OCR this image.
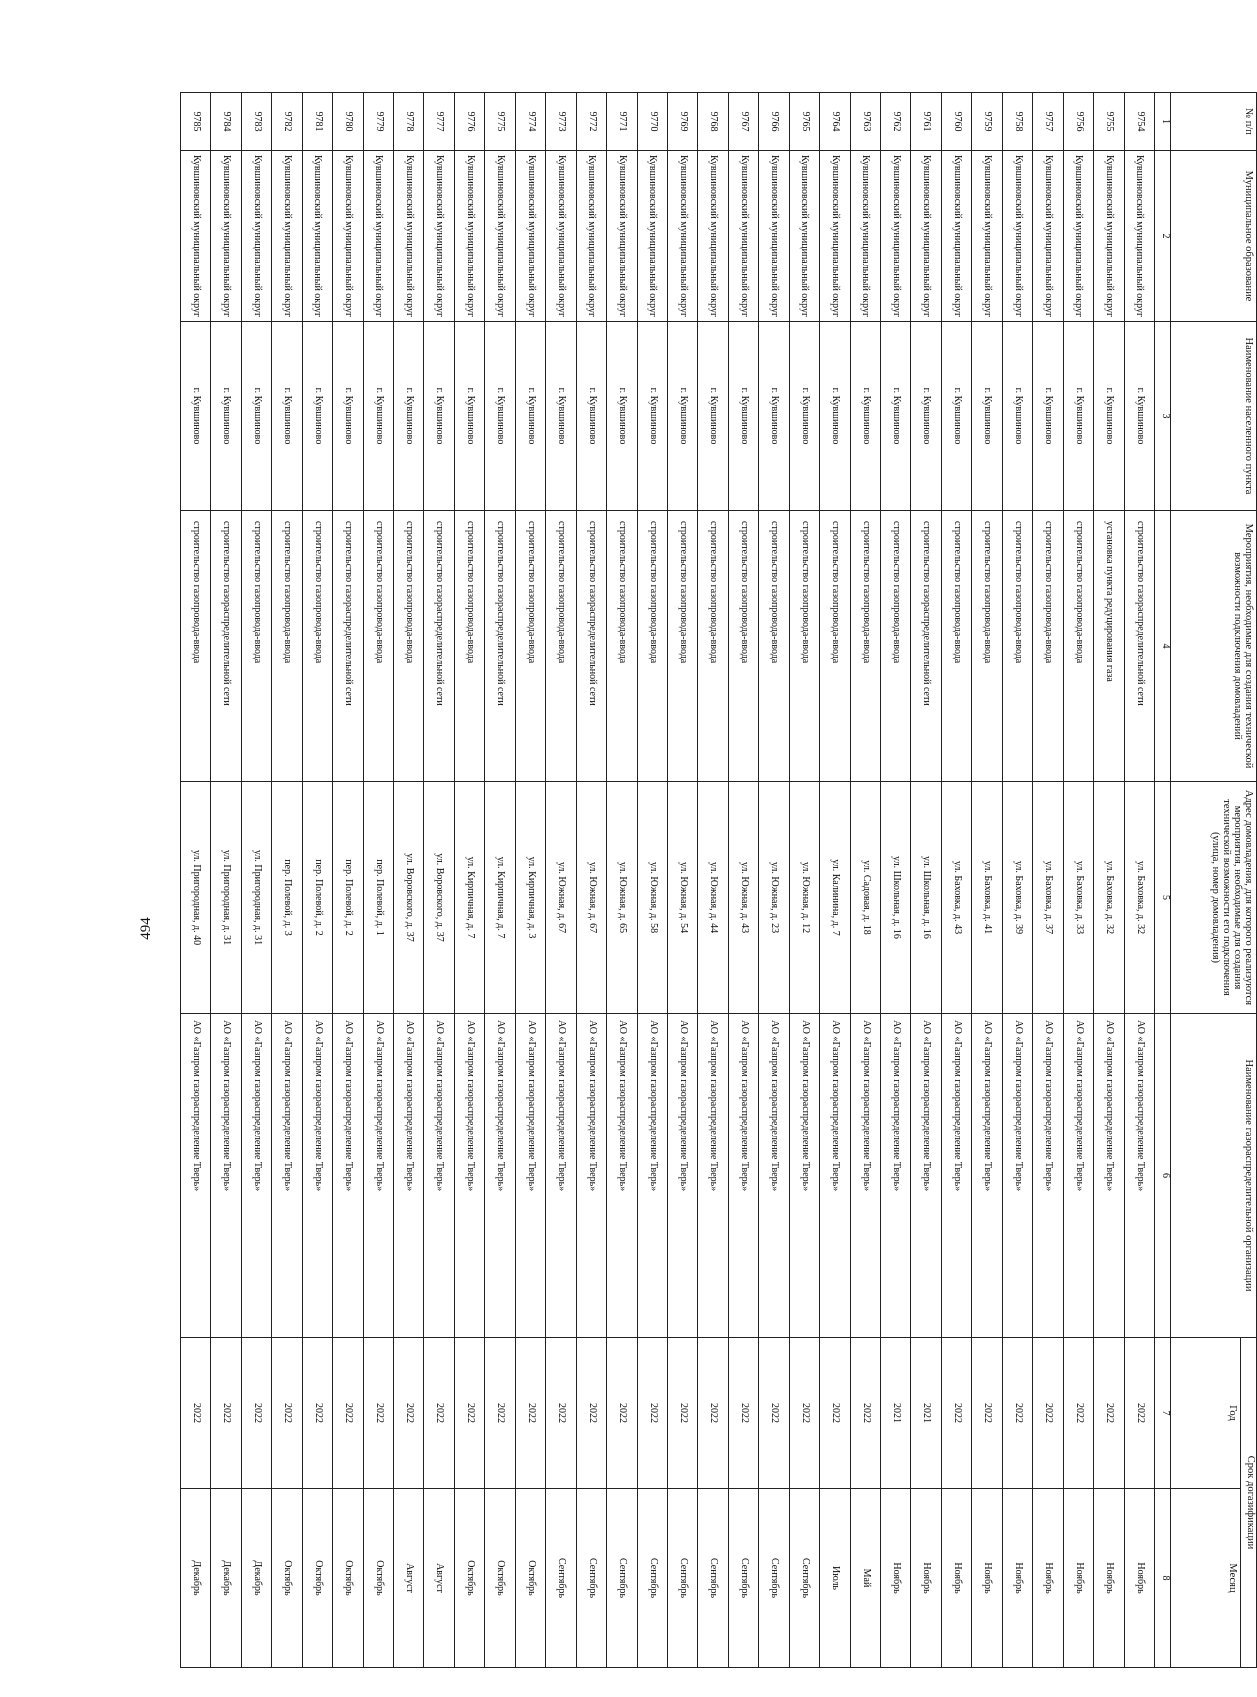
494
№ п/п	Муниципальное образование	Наименование населенного пункта	Мероприятия, необходимые для создания технической возможности подключения домовладений	Адрес домовладения, для которого реализуются мероприятия, необходимые для создания технической возможности его подключения (улица, номер домовладения)	Наименование газораспределительной организации	Срок догазификации	
						Год	Месяц
1	2	3	4	5	6	7	8
9754	Кувшиновский муниципальный округ	г. Кувшиново	строительство газораспределительной сети	ул. Баховка, д. 32	АО «Газпром газораспределение Тверь»	2022	Ноябрь
9755	Кувшиновский муниципальный округ	г. Кувшиново	установка пункта редуцирования газа	ул. Баховка, д. 32	АО «Газпром газораспределение Тверь»	2022	Ноябрь
9756	Кувшиновский муниципальный округ	г. Кувшиново	строительство газопровода-ввода	ул. Баховка, д. 33	АО «Газпром газораспределение Тверь»	2022	Ноябрь
9757	Кувшиновский муниципальный округ	г. Кувшиново	строительство газопровода-ввода	ул. Баховка, д. 37	АО «Газпром газораспределение Тверь»	2022	Ноябрь
9758	Кувшиновский муниципальный округ	г. Кувшиново	строительство газопровода-ввода	ул. Баховка, д. 39	АО «Газпром газораспределение Тверь»	2022	Ноябрь
9759	Кувшиновский муниципальный округ	г. Кувшиново	строительство газопровода-ввода	ул. Баховка, д. 41	АО «Газпром газораспределение Тверь»	2022	Ноябрь
9760	Кувшиновский муниципальный округ	г. Кувшиново	строительство газопровода-ввода	ул. Баховка, д. 43	АО «Газпром газораспределение Тверь»	2022	Ноябрь
9761	Кувшиновский муниципальный округ	г. Кувшиново	строительство газораспределительной сети	ул. Школьная, д. 16	АО «Газпром газораспределение Тверь»	2021	Ноябрь
9762	Кувшиновский муниципальный округ	г. Кувшиново	строительство газопровода-ввода	ул. Школьная, д. 16	АО «Газпром газораспределение Тверь»	2021	Ноябрь
9763	Кувшиновский муниципальный округ	г. Кувшиново	строительство газопровода-ввода	ул. Садовая, д. 18	АО «Газпром газораспределение Тверь»	2022	Май
9764	Кувшиновский муниципальный округ	г. Кувшиново	строительство газопровода-ввода	ул. Калинина, д. 7	АО «Газпром газораспределение Тверь»	2022	Июль
9765	Кувшиновский муниципальный округ	г. Кувшиново	строительство газопровода-ввода	ул. Южная, д. 12	АО «Газпром газораспределение Тверь»	2022	Сентябрь
9766	Кувшиновский муниципальный округ	г. Кувшиново	строительство газопровода-ввода	ул. Южная, д. 23	АО «Газпром газораспределение Тверь»	2022	Сентябрь
9767	Кувшиновский муниципальный округ	г. Кувшиново	строительство газопровода-ввода	ул. Южная, д. 43	АО «Газпром газораспределение Тверь»	2022	Сентябрь
9768	Кувшиновский муниципальный округ	г. Кувшиново	строительство газопровода-ввода	ул. Южная, д. 44	АО «Газпром газораспределение Тверь»	2022	Сентябрь
9769	Кувшиновский муниципальный округ	г. Кувшиново	строительство газопровода-ввода	ул. Южная, д. 54	АО «Газпром газораспределение Тверь»	2022	Сентябрь
9770	Кувшиновский муниципальный округ	г. Кувшиново	строительство газопровода-ввода	ул. Южная, д. 58	АО «Газпром газораспределение Тверь»	2022	Сентябрь
9771	Кувшиновский муниципальный округ	г. Кувшиново	строительство газопровода-ввода	ул. Южная, д. 65	АО «Газпром газораспределение Тверь»	2022	Сентябрь
9772	Кувшиновский муниципальный округ	г. Кувшиново	строительство газораспределительной сети	ул. Южная, д. 67	АО «Газпром газораспределение Тверь»	2022	Сентябрь
9773	Кувшиновский муниципальный округ	г. Кувшиново	строительство газопровода-ввода	ул. Южная, д. 67	АО «Газпром газораспределение Тверь»	2022	Сентябрь
9774	Кувшиновский муниципальный округ	г. Кувшиново	строительство газопровода-ввода	ул. Кирпичная, д. 3	АО «Газпром газораспределение Тверь»	2022	Октябрь
9775	Кувшиновский муниципальный округ	г. Кувшиново	строительство газораспределительной сети	ул. Кирпичная, д. 7	АО «Газпром газораспределение Тверь»	2022	Октябрь
9776	Кувшиновский муниципальный округ	г. Кувшиново	строительство газопровода-ввода	ул. Кирпичная, д. 7	АО «Газпром газораспределение Тверь»	2022	Октябрь
9777	Кувшиновский муниципальный округ	г. Кувшиново	строительство газораспределительной сети	ул. Воровского, д. 37	АО «Газпром газораспределение Тверь»	2022	Август
9778	Кувшиновский муниципальный округ	г. Кувшиново	строительство газопровода-ввода	ул. Воровского, д. 37	АО «Газпром газораспределение Тверь»	2022	Август
9779	Кувшиновский муниципальный округ	г. Кувшиново	строительство газопровода-ввода	пер. Полевой, д. 1	АО «Газпром газораспределение Тверь»	2022	Октябрь
9780	Кувшиновский муниципальный округ	г. Кувшиново	строительство газораспределительной сети	пер. Полевой, д. 2	АО «Газпром газораспределение Тверь»	2022	Октябрь
9781	Кувшиновский муниципальный округ	г. Кувшиново	строительство газопровода-ввода	пер. Полевой, д. 2	АО «Газпром газораспределение Тверь»	2022	Октябрь
9782	Кувшиновский муниципальный округ	г. Кувшиново	строительство газопровода-ввода	пер. Полевой, д. 3	АО «Газпром газораспределение Тверь»	2022	Октябрь
9783	Кувшиновский муниципальный округ	г. Кувшиново	строительство газопровода-ввода	ул. Пригородная, д. 31	АО «Газпром газораспределение Тверь»	2022	Декабрь
9784	Кувшиновский муниципальный округ	г. Кувшиново	строительство газораспределительной сети	ул. Пригородная, д. 31	АО «Газпром газораспределение Тверь»	2022	Декабрь
9785	Кувшиновский муниципальный округ	г. Кувшиново	строительство газопровода-ввода	ул. Пригородная, д. 40	АО «Газпром газораспределение Тверь»	2022	Декабрь
